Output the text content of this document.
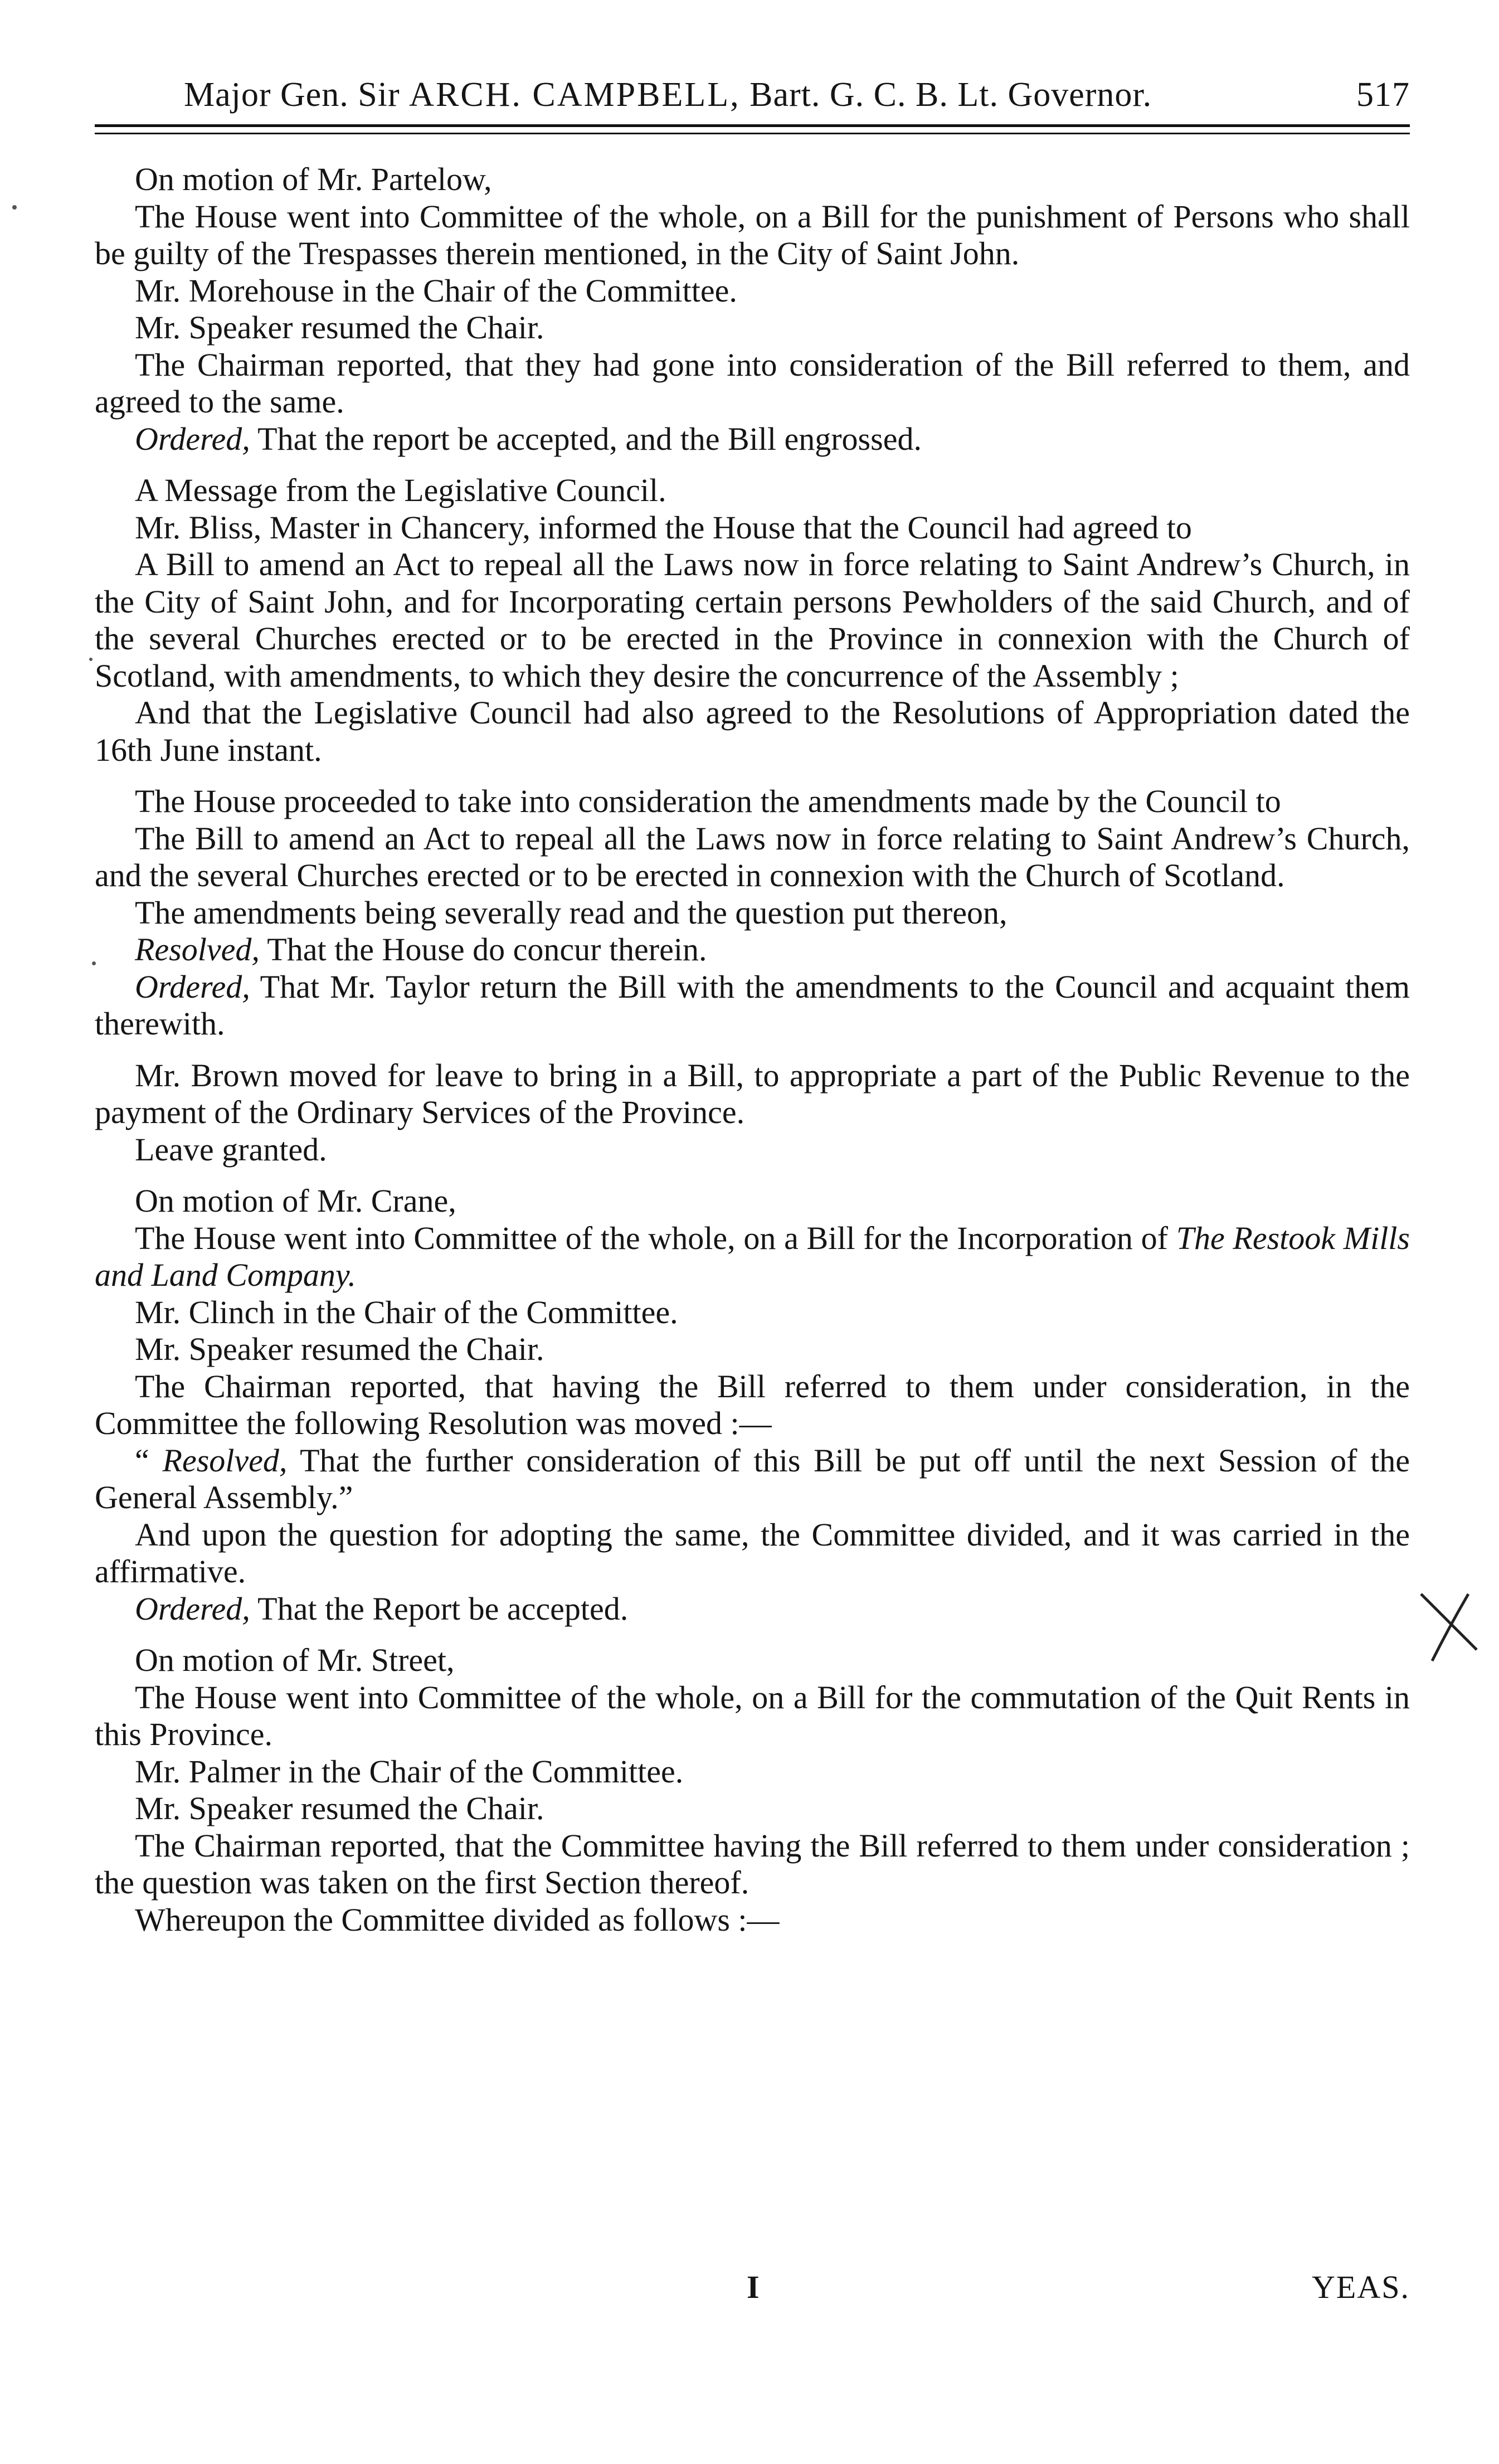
Major Gen. Sir ARCH. CAMPBELL, Bart. G. C. B. Lt. Governor.	517

On motion of Mr. Partelow,

The House went into Committee of the whole, on a Bill for the punishment of Persons who shall be guilty of the Trespasses therein mentioned, in the City of Saint John.

Mr. Morehouse in the Chair of the Committee.

Mr. Speaker resumed the Chair.

The Chairman reported, that they had gone into consideration of the Bill referred to them, and agreed to the same.

Ordered, That the report be accepted, and the Bill engrossed.

A Message from the Legislative Council.

Mr. Bliss, Master in Chancery, informed the House that the Council had agreed to

A Bill to amend an Act to repeal all the Laws now in force relating to Saint Andrew’s Church, in the City of Saint John, and for Incorporating certain persons Pewholders of the said Church, and of the several Churches erected or to be erected in the Province in connexion with the Church of Scotland, with amendments, to which they desire the concurrence of the Assembly ;

And that the Legislative Council had also agreed to the Resolutions of Appropriation dated the 16th June instant.

The House proceeded to take into consideration the amendments made by the Council to

The Bill to amend an Act to repeal all the Laws now in force relating to Saint Andrew’s Church, and the several Churches erected or to be erected in connexion with the Church of Scotland.

The amendments being severally read and the question put thereon,

Resolved, That the House do concur therein.

Ordered, That Mr. Taylor return the Bill with the amendments to the Council and acquaint them therewith.

Mr. Brown moved for leave to bring in a Bill, to appropriate a part of the Public Revenue to the payment of the Ordinary Services of the Province.

Leave granted.

On motion of Mr. Crane,

The House went into Committee of the whole, on a Bill for the Incorporation of The Restook Mills and Land Company.

Mr. Clinch in the Chair of the Committee.

Mr. Speaker resumed the Chair.

The Chairman reported, that having the Bill referred to them under consideration, in the Committee the following Resolution was moved :—

“ Resolved, That the further consideration of this Bill be put off until the next Session of the General Assembly.”

And upon the question for adopting the same, the Committee divided, and it was carried in the affirmative.

Ordered, That the Report be accepted.

On motion of Mr. Street,

The House went into Committee of the whole, on a Bill for the commutation of the Quit Rents in this Province.

Mr. Palmer in the Chair of the Committee.

Mr. Speaker resumed the Chair.

The Chairman reported, that the Committee having the Bill referred to them under consideration ; the question was taken on the first Section thereof.

Whereupon the Committee divided as follows :—

I	YEAS.
